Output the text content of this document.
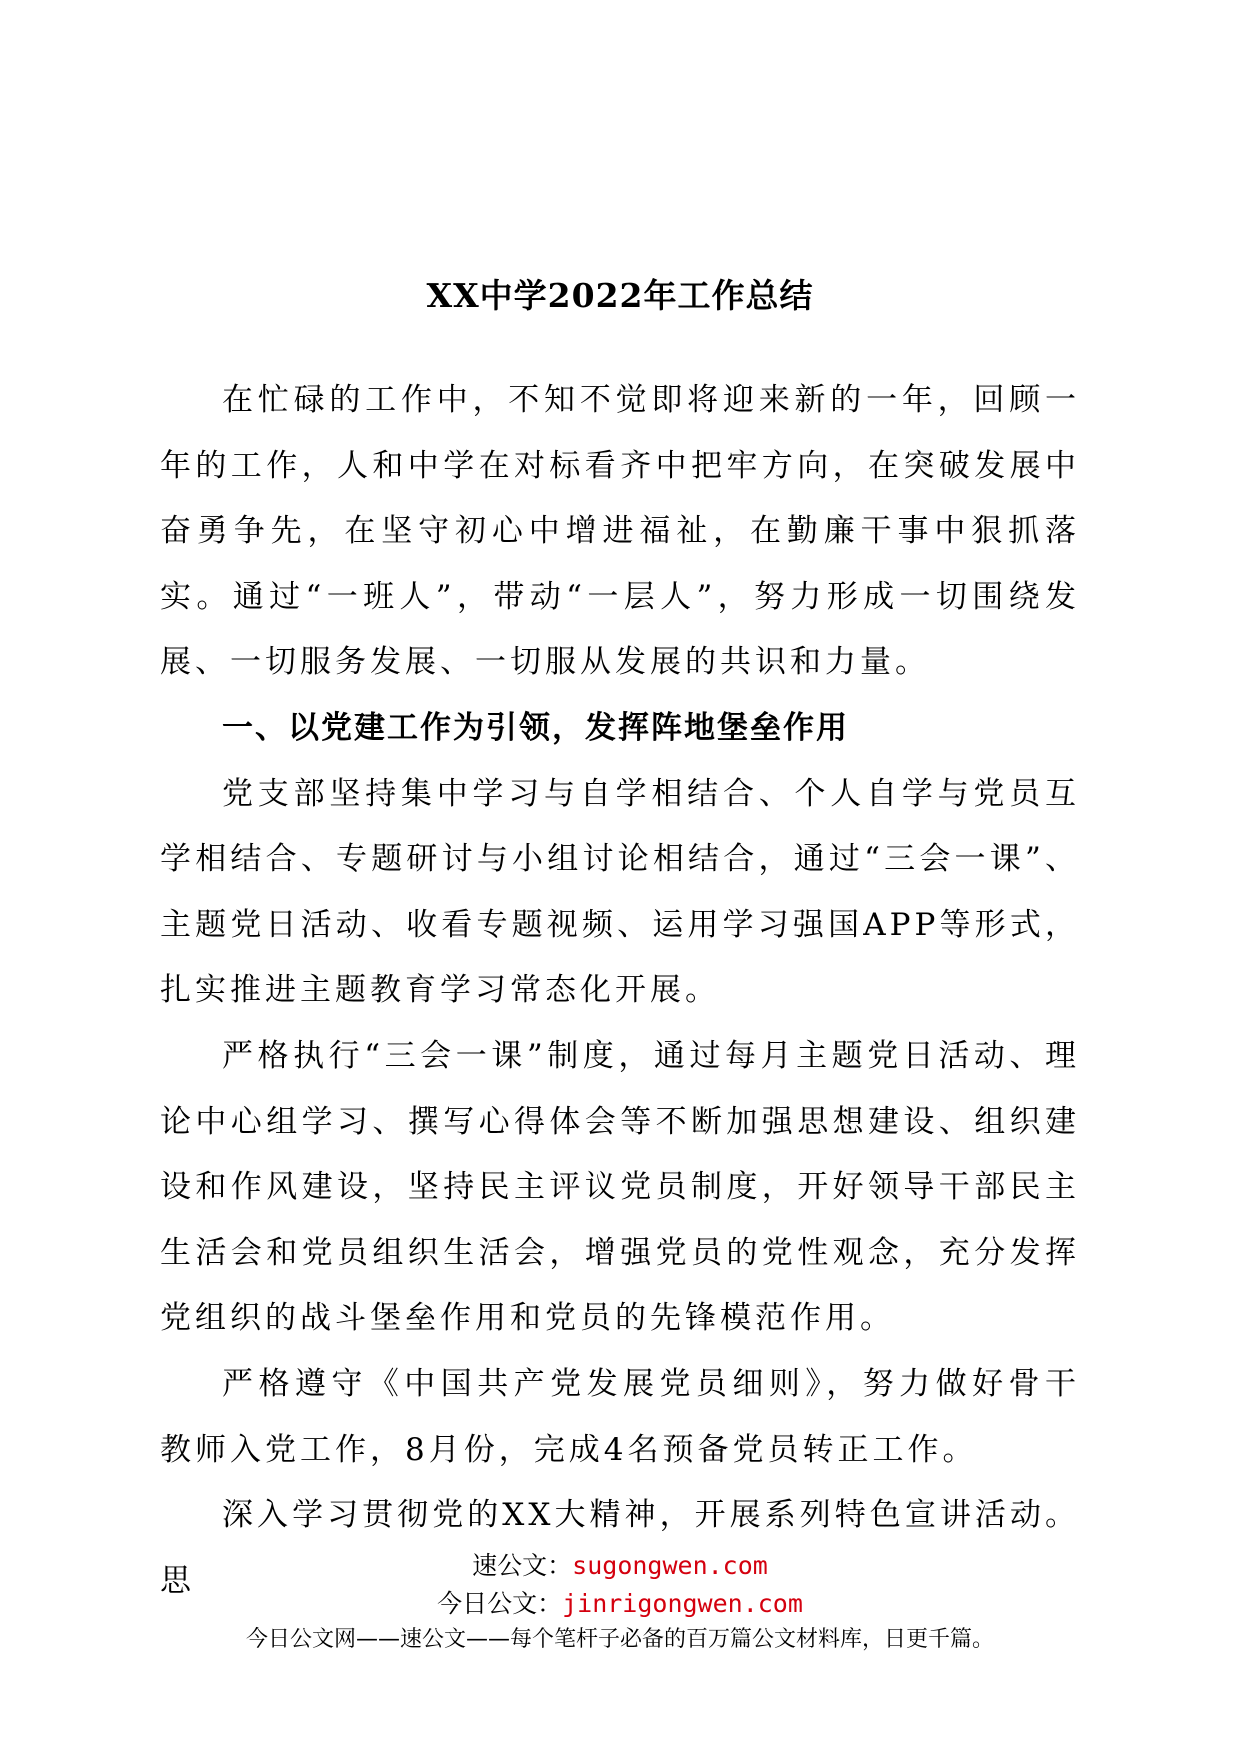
XX中学2022年工作总结

在忙碌的工作中，不知不觉即将迎来新的一年，回顾一年的工作，人和中学在对标看齐中把牢方向，在突破发展中奋勇争先，在坚守初心中增进福祉，在勤廉干事中狠抓落实。通过“一班人”，带动“一层人”，努力形成一切围绕发展、一切服务发展、一切服从发展的共识和力量。

一、以党建工作为引领，发挥阵地堡垒作用

党支部坚持集中学习与自学相结合、个人自学与党员互学相结合、专题研讨与小组讨论相结合，通过“三会一课”、主题党日活动、收看专题视频、运用学习强国APP等形式，扎实推进主题教育学习常态化开展。

严格执行“三会一课”制度，通过每月主题党日活动、理论中心组学习、撰写心得体会等不断加强思想建设、组织建设和作风建设，坚持民主评议党员制度，开好领导干部民主生活会和党员组织生活会，增强党员的党性观念，充分发挥党组织的战斗堡垒作用和党员的先锋模范作用。

严格遵守《中国共产党发展党员细则》，努力做好骨干教师入党工作，8月份，完成4名预备党员转正工作。

深入学习贯彻党的XX大精神，开展系列特色宣讲活动。思	速公文：sugongwen.com
今日公文：jinrigongwen.com
今日公文网——速公文——每个笔杆子必备的百万篇公文材料库，日更千篇。
